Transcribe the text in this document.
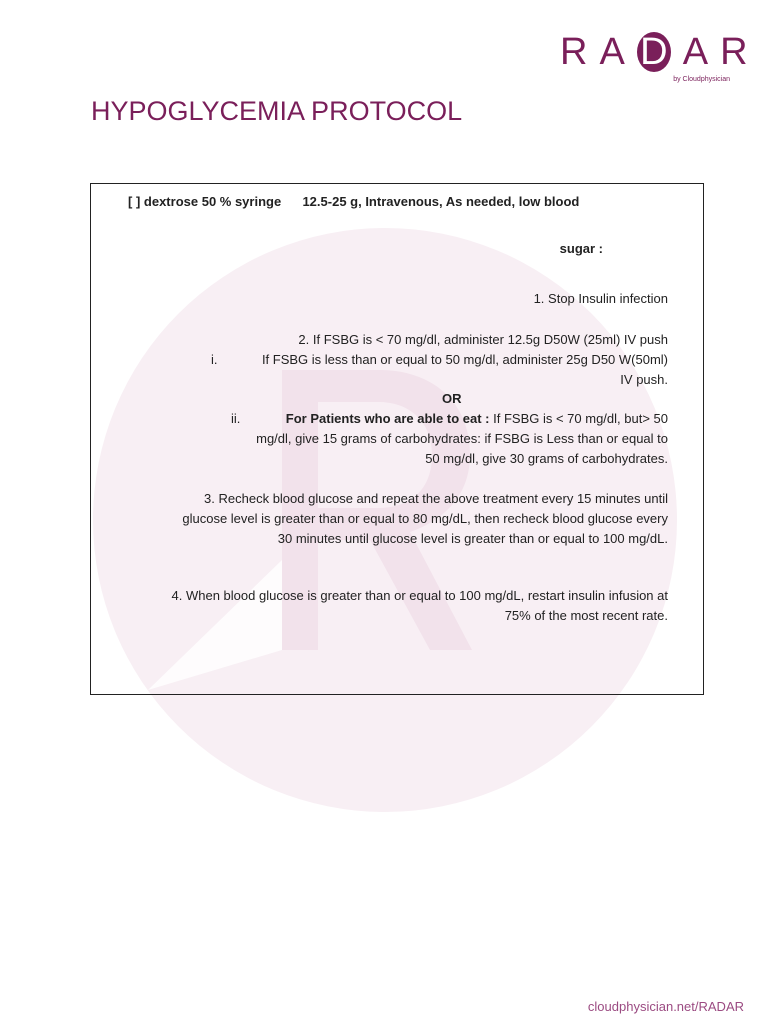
RAD AR
by Cloudphysician
HYPOGLYCEMIA PROTOCOL
[ ] dextrose 50 % syringe 12.5-25 g, Intravenous, As needed, low blood
sugar :
1. Stop Insulin infection
2. If FSBG is < 70 mg/dl, administer 12.5g D50W (25ml) IV push
i.	If FSBG is less than or equal to 50 mg/dl, administer 25g D50 W(50ml)
IV push.
OR
ii.	For Patients who are able to eat : If FSBG is < 70 mg/dl, but> 50
mg/dl, give 15 grams of carbohydrates: if FSBG is Less than or equal to
50 mg/dl, give 30 grams of carbohydrates.
3. Recheck blood glucose and repeat the above treatment every 15 minutes until
glucose level is greater than or equal to 80 mg/dL, then recheck blood glucose every
30 minutes until glucose level is greater than or equal to 100 mg/dL.
4. When blood glucose is greater than or equal to 100 mg/dL, restart insulin infusion at
75% of the most recent rate.
cloudphysician.net/RADAR
